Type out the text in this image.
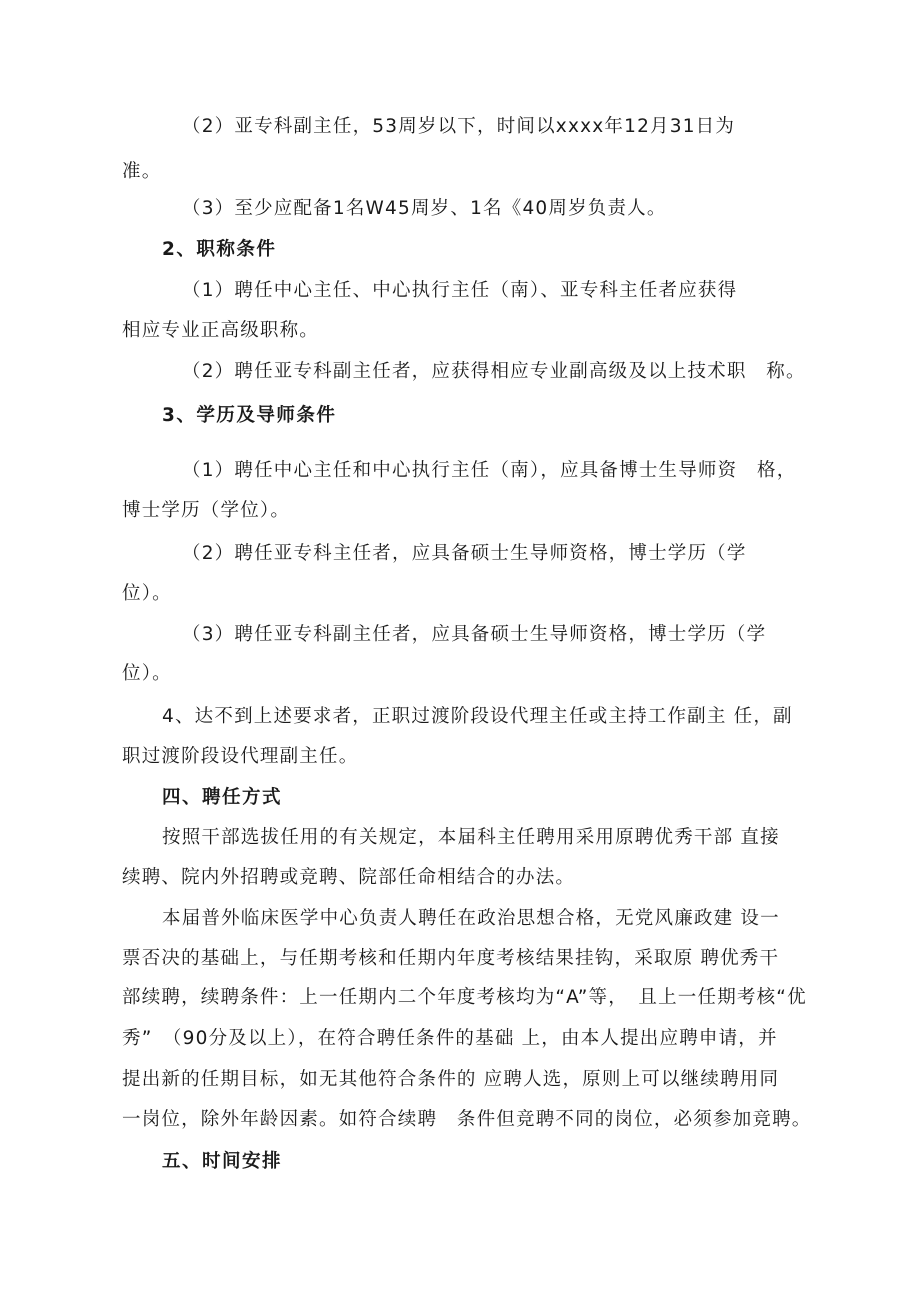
（2）亚专科副主任，53周岁以下，时间以xxxx年12月31日为
准。
（3）至少应配备1名W45周岁、1名《40周岁负责人。
2、职称条件
（1）聘任中心主任、中心执行主任（南）、亚专科主任者应获得
相应专业正高级职称。
（2）聘任亚专科副主任者，应获得相应专业副高级及以上技术职　称。
3、学历及导师条件
（1）聘任中心主任和中心执行主任（南），应具备博士生导师资　格，
博士学历（学位）。
（2）聘任亚专科主任者，应具备硕士生导师资格，博士学历（学
位）。
（3）聘任亚专科副主任者，应具备硕士生导师资格，博士学历（学
位）。
4、达不到上述要求者，正职过渡阶段设代理主任或主持工作副主 任，副
职过渡阶段设代理副主任。
四、聘任方式
按照干部选拔任用的有关规定，本届科主任聘用采用原聘优秀干部 直接
续聘、院内外招聘或竞聘、院部任命相结合的办法。
本届普外临床医学中心负责人聘任在政治思想合格，无党风廉政建 设一
票否决的基础上，与任期考核和任期内年度考核结果挂钩，采取原 聘优秀干
部续聘，续聘条件：上一任期内二个年度考核均为“A”等，　且上一任期考核“优
秀”　（90分及以上），在符合聘任条件的基础 上，由本人提出应聘申请，并
提出新的任期目标，如无其他符合条件的 应聘人选，原则上可以继续聘用同
一岗位，除外年龄因素。如符合续聘　条件但竞聘不同的岗位，必须参加竞聘。
五、时间安排
